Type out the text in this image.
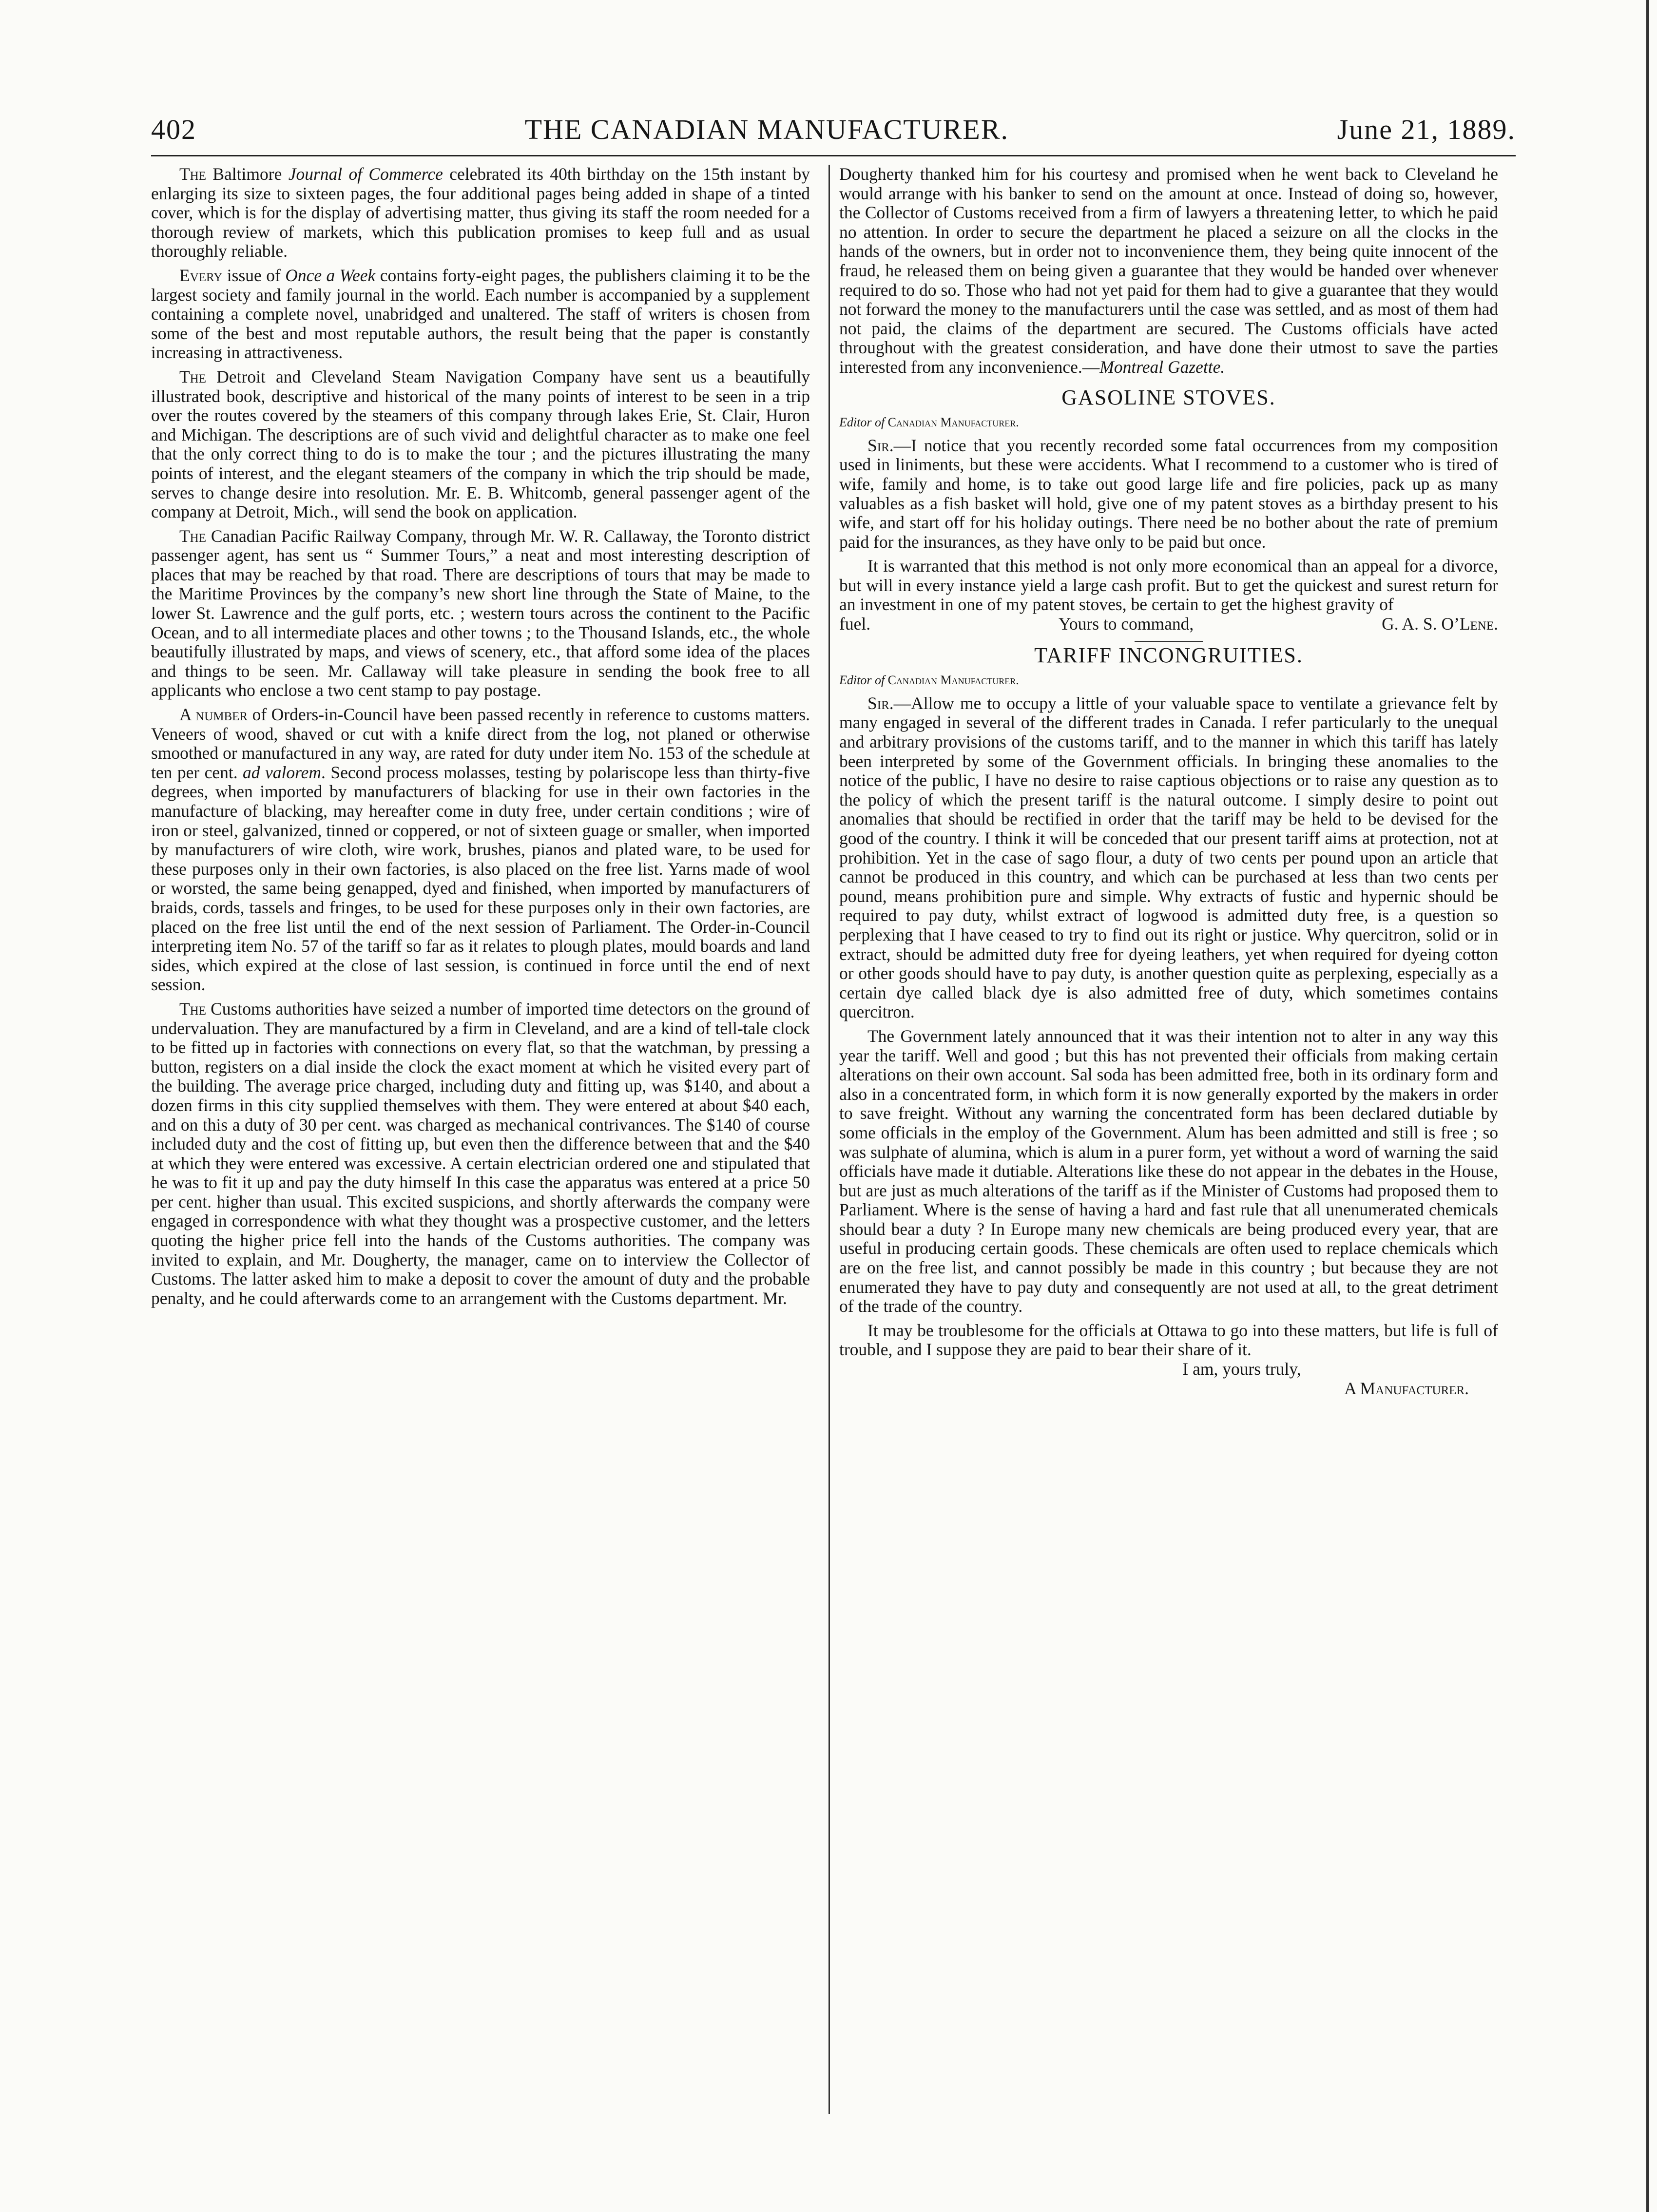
402	THE CANADIAN MANUFACTURER.	June 21, 1889.

The Baltimore Journal of Commerce celebrated its 40th birthday on the 15th instant by enlarging its size to sixteen pages, the four additional pages being added in shape of a tinted cover, which is for the display of advertising matter, thus giving its staff the room needed for a thorough review of markets, which this publication promises to keep full and as usual thoroughly reliable.

Every issue of Once a Week contains forty-eight pages, the publishers claiming it to be the largest society and family journal in the world. Each number is accompanied by a supplement containing a complete novel, unabridged and unaltered. The staff of writers is chosen from some of the best and most reputable authors, the result being that the paper is constantly increasing in attractiveness.

The Detroit and Cleveland Steam Navigation Company have sent us a beautifully illustrated book, descriptive and historical of the many points of interest to be seen in a trip over the routes covered by the steamers of this company through lakes Erie, St. Clair, Huron and Michigan. The descriptions are of such vivid and delightful character as to make one feel that the only correct thing to do is to make the tour ; and the pictures illustrating the many points of interest, and the elegant steamers of the company in which the trip should be made, serves to change desire into resolution. Mr. E. B. Whitcomb, general passenger agent of the company at Detroit, Mich., will send the book on application.

The Canadian Pacific Railway Company, through Mr. W. R. Callaway, the Toronto district passenger agent, has sent us “ Summer Tours,” a neat and most interesting description of places that may be reached by that road. There are descriptions of tours that may be made to the Maritime Provinces by the company’s new short line through the State of Maine, to the lower St. Lawrence and the gulf ports, etc. ; western tours across the continent to the Pacific Ocean, and to all intermediate places and other towns ; to the Thousand Islands, etc., the whole beautifully illustrated by maps, and views of scenery, etc., that afford some idea of the places and things to be seen. Mr. Callaway will take pleasure in sending the book free to all applicants who enclose a two cent stamp to pay postage.

A number of Orders-in-Council have been passed recently in reference to customs matters. Veneers of wood, shaved or cut with a knife direct from the log, not planed or otherwise smoothed or manufactured in any way, are rated for duty under item No. 153 of the schedule at ten per cent. ad valorem. Second process molasses, testing by polariscope less than thirty-five degrees, when imported by manufacturers of blacking for use in their own factories in the manufacture of blacking, may hereafter come in duty free, under certain conditions ; wire of iron or steel, galvanized, tinned or coppered, or not of sixteen guage or smaller, when imported by manufacturers of wire cloth, wire work, brushes, pianos and plated ware, to be used for these purposes only in their own factories, is also placed on the free list. Yarns made of wool or worsted, the same being genapped, dyed and finished, when imported by manufacturers of braids, cords, tassels and fringes, to be used for these purposes only in their own factories, are placed on the free list until the end of the next session of Parliament. The Order-in-Council interpreting item No. 57 of the tariff so far as it relates to plough plates, mould boards and land sides, which expired at the close of last session, is continued in force until the end of next session.

The Customs authorities have seized a number of imported time detectors on the ground of undervaluation. They are manufactured by a firm in Cleveland, and are a kind of tell-tale clock to be fitted up in factories with connections on every flat, so that the watchman, by pressing a button, registers on a dial inside the clock the exact moment at which he visited every part of the building. The average price charged, including duty and fitting up, was $140, and about a dozen firms in this city supplied themselves with them. They were entered at about $40 each, and on this a duty of 30 per cent. was charged as mechanical contrivances. The $140 of course included duty and the cost of fitting up, but even then the difference between that and the $40 at which they were entered was excessive. A certain electrician ordered one and stipulated that he was to fit it up and pay the duty himself In this case the apparatus was entered at a price 50 per cent. higher than usual. This excited suspicions, and shortly afterwards the company were engaged in correspondence with what they thought was a prospective customer, and the letters quoting the higher price fell into the hands of the Customs authorities. The company was invited to explain, and Mr. Dougherty, the manager, came on to interview the Collector of Customs. The latter asked him to make a deposit to cover the amount of duty and the probable penalty, and he could afterwards come to an arrangement with the Customs department. Mr.

Dougherty thanked him for his courtesy and promised when he went back to Cleveland he would arrange with his banker to send on the amount at once. Instead of doing so, however, the Collector of Customs received from a firm of lawyers a threatening letter, to which he paid no attention. In order to secure the department he placed a seizure on all the clocks in the hands of the owners, but in order not to inconvenience them, they being quite innocent of the fraud, he released them on being given a guarantee that they would be handed over whenever required to do so. Those who had not yet paid for them had to give a guarantee that they would not forward the money to the manufacturers until the case was settled, and as most of them had not paid, the claims of the department are secured. The Customs officials have acted throughout with the greatest consideration, and have done their utmost to save the parties interested from any inconvenience.—Montreal Gazette.

GASOLINE STOVES.
Editor of Canadian Manufacturer.

Sir.—I notice that you recently recorded some fatal occurrences from my composition used in liniments, but these were accidents. What I recommend to a customer who is tired of wife, family and home, is to take out good large life and fire policies, pack up as many valuables as a fish basket will hold, give one of my patent stoves as a birthday present to his wife, and start off for his holiday outings. There need be no bother about the rate of premium paid for the insurances, as they have only to be paid but once.

It is warranted that this method is not only more economical than an appeal for a divorce, but will in every instance yield a large cash profit. But to get the quickest and surest return for an investment in one of my patent stoves, be certain to get the highest gravity of

fuel.	Yours to command,	G. A. S. O’Lene.
TARIFF INCONGRUITIES.
Editor of Canadian Manufacturer.

Sir.—Allow me to occupy a little of your valuable space to ventilate a grievance felt by many engaged in several of the different trades in Canada. I refer particularly to the unequal and arbitrary provisions of the customs tariff, and to the manner in which this tariff has lately been interpreted by some of the Government officials. In bringing these anomalies to the notice of the public, I have no desire to raise captious objections or to raise any question as to the policy of which the present tariff is the natural outcome. I simply desire to point out anomalies that should be rectified in order that the tariff may be held to be devised for the good of the country. I think it will be conceded that our present tariff aims at protection, not at prohibition. Yet in the case of sago flour, a duty of two cents per pound upon an article that cannot be produced in this country, and which can be purchased at less than two cents per pound, means prohibition pure and simple. Why extracts of fustic and hypernic should be required to pay duty, whilst extract of logwood is admitted duty free, is a question so perplexing that I have ceased to try to find out its right or justice. Why quercitron, solid or in extract, should be admitted duty free for dyeing leathers, yet when required for dyeing cotton or other goods should have to pay duty, is another question quite as perplexing, especially as a certain dye called black dye is also admitted free of duty, which sometimes contains quercitron.

The Government lately announced that it was their intention not to alter in any way this year the tariff. Well and good ; but this has not prevented their officials from making certain alterations on their own account. Sal soda has been admitted free, both in its ordinary form and also in a concentrated form, in which form it is now generally exported by the makers in order to save freight. Without any warning the concentrated form has been declared dutiable by some officials in the employ of the Government. Alum has been admitted and still is free ; so was sulphate of alumina, which is alum in a purer form, yet without a word of warning the said officials have made it dutiable. Alterations like these do not appear in the debates in the House, but are just as much alterations of the tariff as if the Minister of Customs had proposed them to Parliament. Where is the sense of having a hard and fast rule that all unenumerated chemicals should bear a duty ? In Europe many new chemicals are being produced every year, that are useful in producing certain goods. These chemicals are often used to replace chemicals which are on the free list, and cannot possibly be made in this country ; but because they are not enumerated they have to pay duty and consequently are not used at all, to the great detriment of the trade of the country.

It may be troublesome for the officials at Ottawa to go into these matters, but life is full of trouble, and I suppose they are paid to bear their share of it.

I am, yours truly,
A Manufacturer.
